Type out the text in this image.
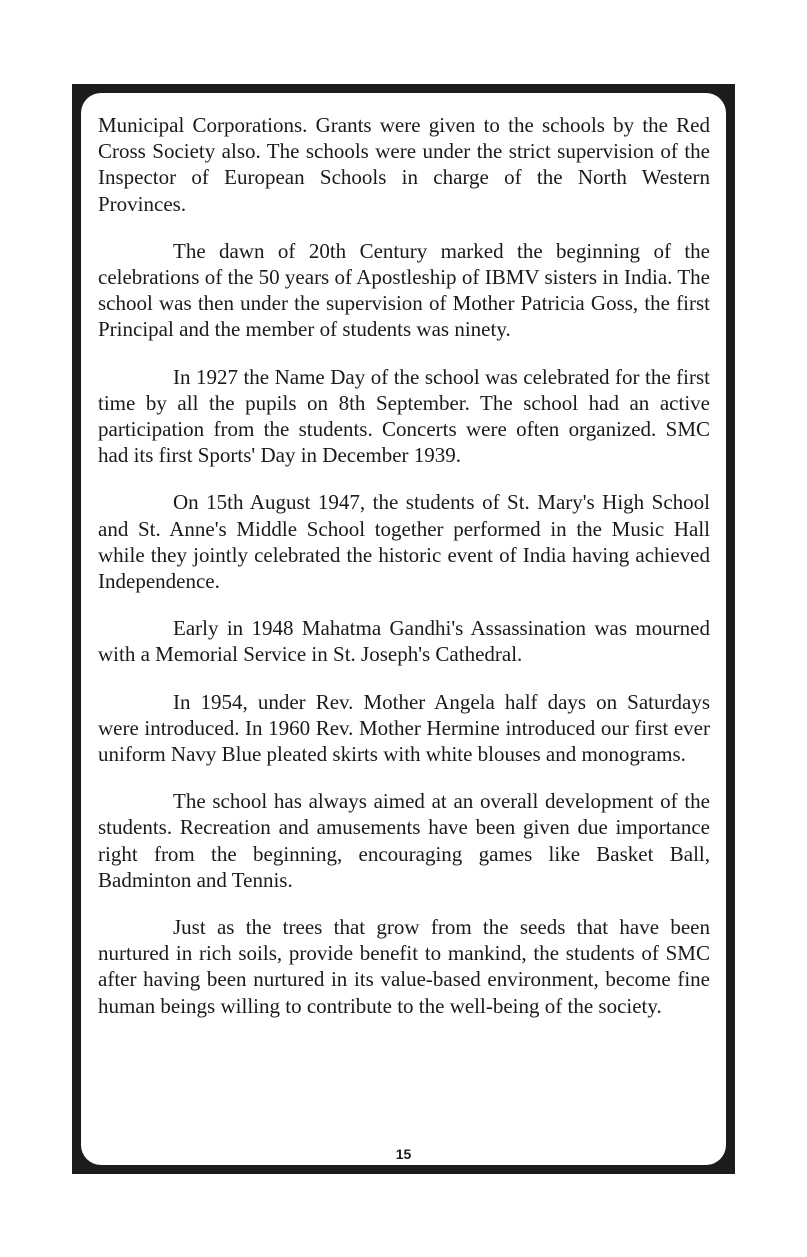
Municipal Corporations. Grants were given to the schools by the Red Cross Society also. The schools were under the strict supervision of the Inspector of European Schools in charge of the North Western Provinces.

The dawn of 20th Century marked the beginning of the celebrations of the 50 years of Apostleship of IBMV sisters in India. The school was then under the supervision of Mother Patricia Goss, the first Principal and the member of students was ninety.

In 1927 the Name Day of the school was celebrated for the first time by all the pupils on 8th September. The school had an active participation from the students. Concerts were often organized. SMC had its first Sports' Day in December 1939.

On 15th August 1947, the students of St. Mary's High School and St. Anne's Middle School together performed in the Music Hall while they jointly celebrated the historic event of India having achieved Independence.

Early in 1948 Mahatma Gandhi's Assassination was mourned with a Memorial Service in St. Joseph's Cathedral.

In 1954, under Rev. Mother Angela half days on Saturdays were introduced. In 1960 Rev. Mother Hermine introduced our first ever uniform Navy Blue pleated skirts with white blouses and monograms.

The school has always aimed at an overall development of the students. Recreation and amusements have been given due importance right from the beginning, encouraging games like Basket Ball, Badminton and Tennis.

Just as the trees that grow from the seeds that have been nurtured in rich soils, provide benefit to mankind, the students of SMC after having been nurtured in its value-based environment, become fine human beings willing to contribute to the well-being of the society.

15
